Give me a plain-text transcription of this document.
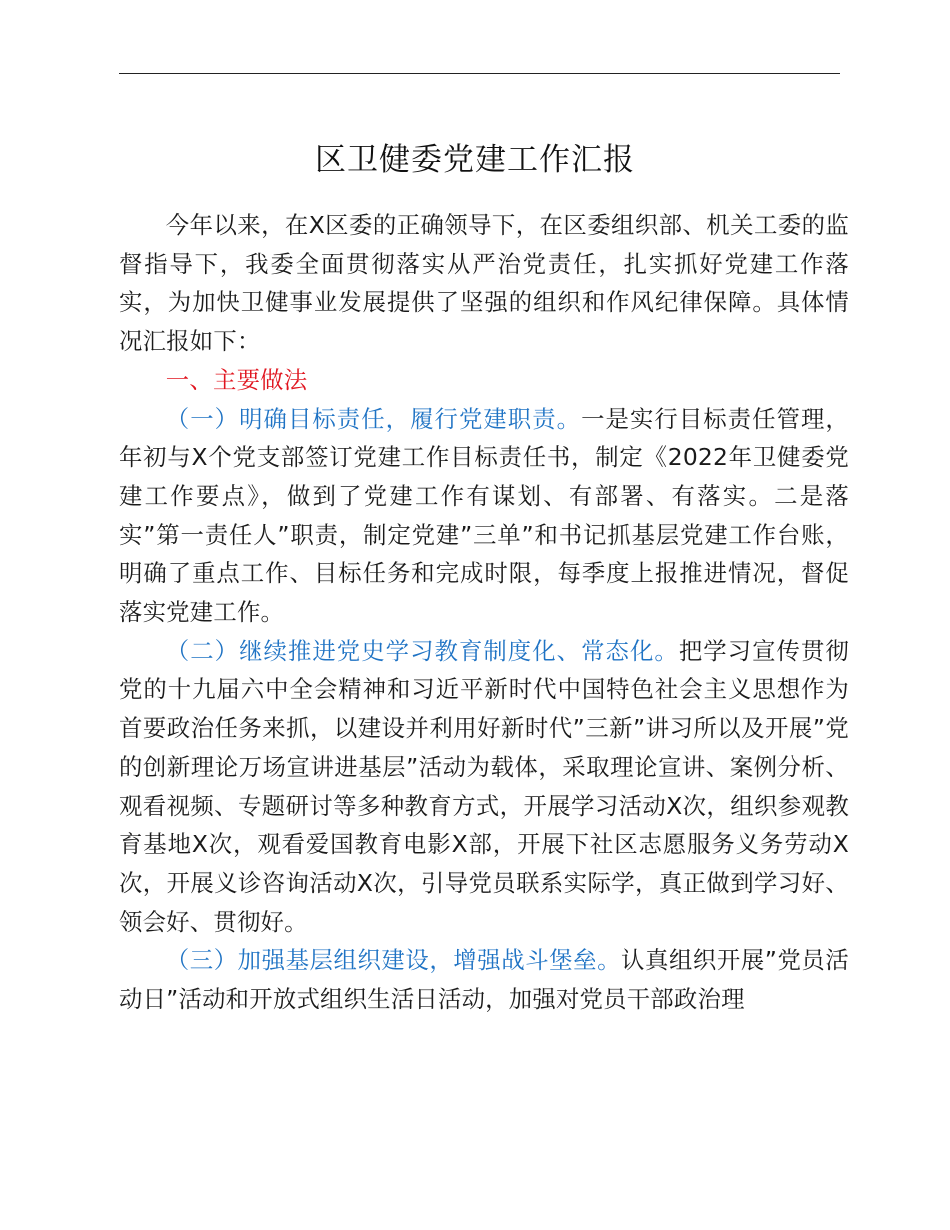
区卫健委党建工作汇报

今年以来，在X区委的正确领导下，在区委组织部、机关工委的监督指导下，我委全面贯彻落实从严治党责任，扎实抓好党建工作落实，为加快卫健事业发展提供了坚强的组织和作风纪律保障。具体情况汇报如下：

一、主要做法

（一）明确目标责任，履行党建职责。一是实行目标责任管理，年初与X个党支部签订党建工作目标责任书，制定《2022年卫健委党建工作要点》，做到了党建工作有谋划、有部署、有落实。二是落实”第一责任人”职责，制定党建”三单”和书记抓基层党建工作台账，明确了重点工作、目标任务和完成时限，每季度上报推进情况，督促落实党建工作。

（二）继续推进党史学习教育制度化、常态化。把学习宣传贯彻党的十九届六中全会精神和习近平新时代中国特色社会主义思想作为首要政治任务来抓，以建设并利用好新时代”三新”讲习所以及开展”党的创新理论万场宣讲进基层”活动为载体，采取理论宣讲、案例分析、观看视频、专题研讨等多种教育方式，开展学习活动X次，组织参观教育基地X次，观看爱国教育电影X部，开展下社区志愿服务义务劳动X次，开展义诊咨询活动X次，引导党员联系实际学，真正做到学习好、领会好、贯彻好。

（三）加强基层组织建设，增强战斗堡垒。认真组织开展”党员活动日”活动和开放式组织生活日活动，加强对党员干部政治理
